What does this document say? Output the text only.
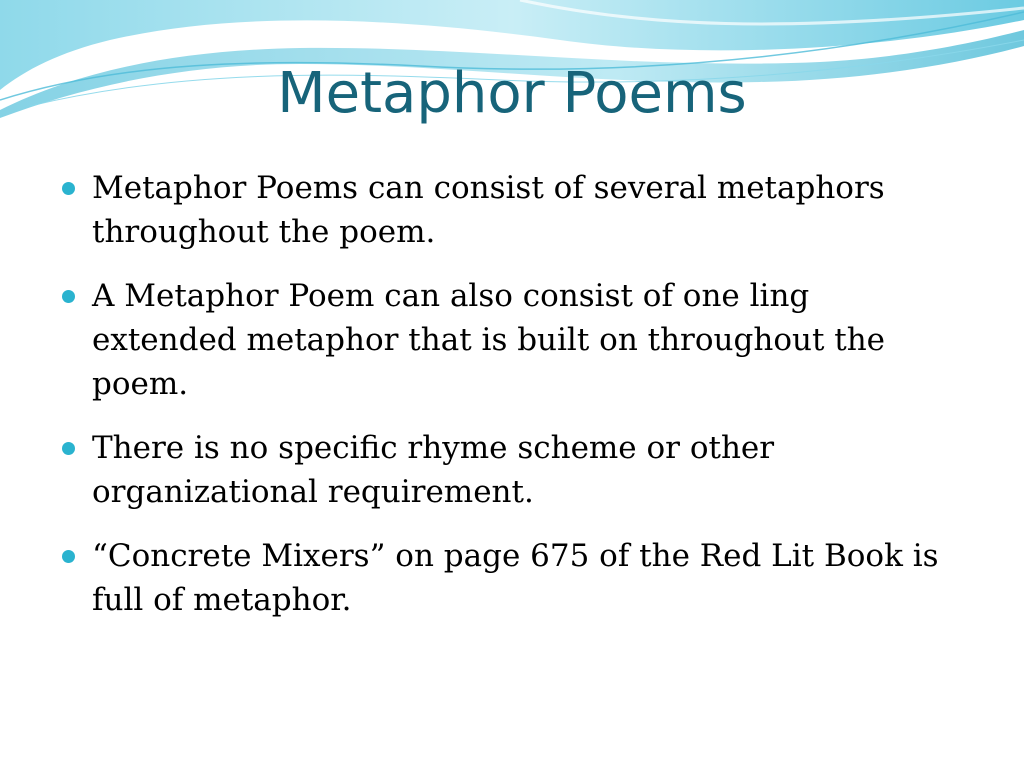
Metaphor Poems
Metaphor Poems can consist of several metaphors throughout the poem.
A Metaphor Poem can also consist of one ling extended metaphor that is built on throughout the poem.
There is no specific rhyme scheme or other organizational requirement.
“Concrete Mixers” on page 675 of the Red Lit Book is full of metaphor.
